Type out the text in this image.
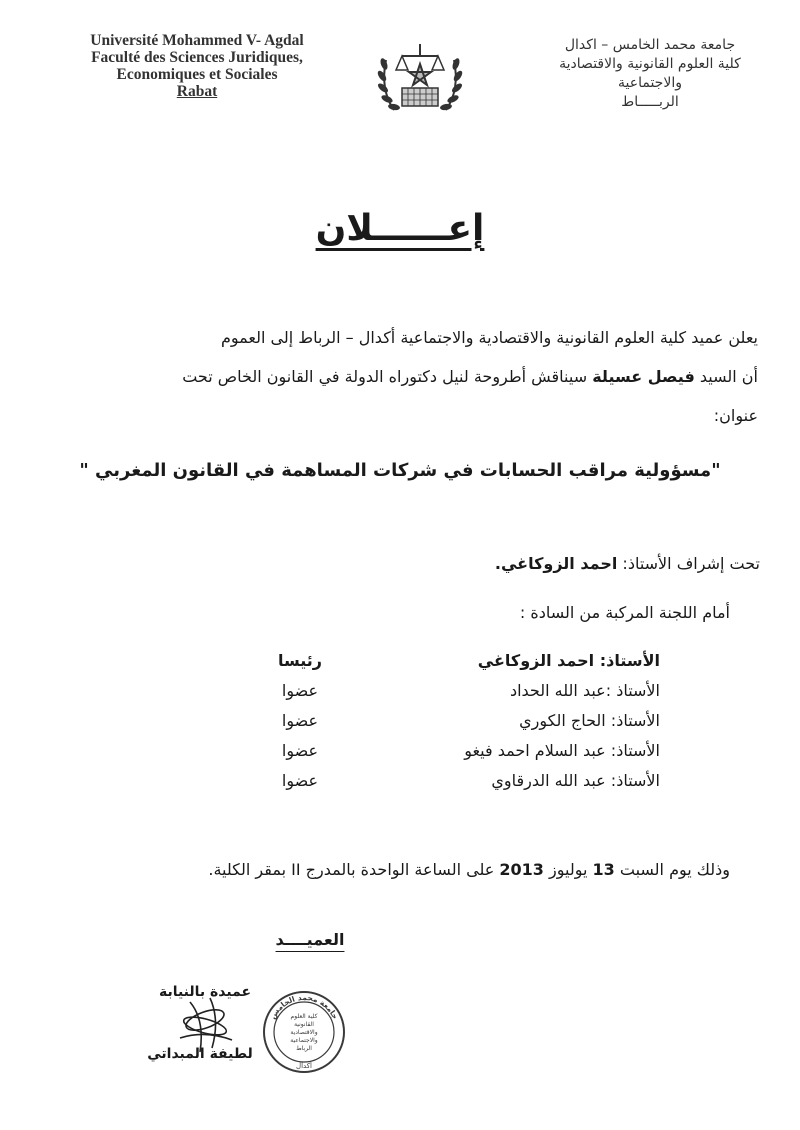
Université Mohammed V- Agdal
Faculté des Sciences Juridiques,
Economiques et Sociales
Rabat
جامعة محمد الخامس – اكدال
كلية العلوم القانونية والاقتصادية
والاجتماعية
الربـــــاط
إعــــــلان
يعلن عميد كلية العلوم القانونية والاقتصادية والاجتماعية أكدال – الرباط إلى العموم
أن السيد فيصل عسيلة سيناقش أطروحة لنيل دكتوراه الدولة في القانون الخاص تحت
عنوان:
"مسؤولية مراقب الحسابات في شركات المساهمة في القانون المغربي "
تحت إشراف الأستاذ: احمد الزوكاغي.
أمام اللجنة المركبة من السادة :
الأستاذ: احمد الزوكاغي
رئيسا
الأستاذ :عبد الله الحداد
عضوا
الأستاذ: الحاج الكوري
عضوا
الأستاذ: عبد السلام احمد فيغو
عضوا
الأستاذ: عبد الله الدرقاوي
عضوا
وذلك يوم السبت 13 يوليوز 2013 على الساعة الواحدة بالمدرج II بمقر الكلية.
العميــــد
عميدة بالنيابة
لطيفة المبداتي
جامعة محمد الخامس
كلية العلوم
القانونية
والاقتصادية
والاجتماعية
الرباط
أكدال
